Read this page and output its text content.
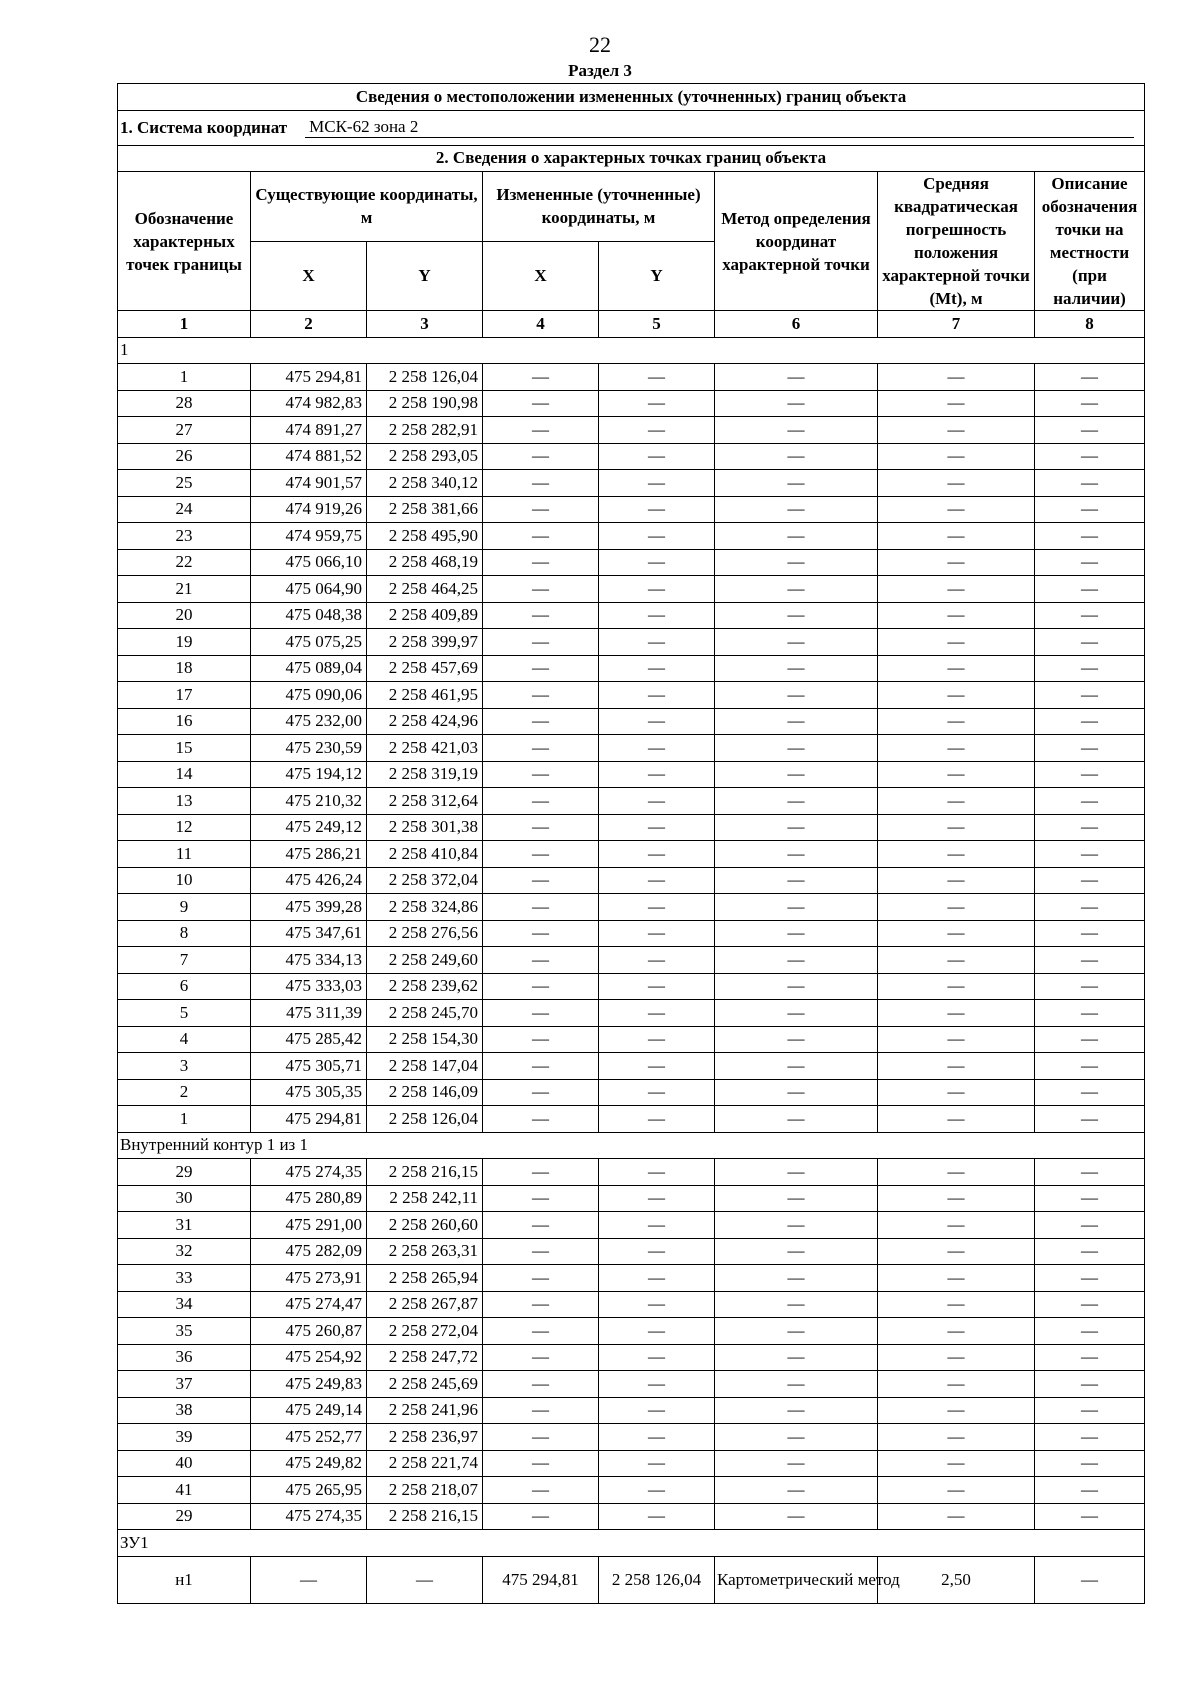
22
Раздел 3
Сведения о местоположении измененных (уточненных) границ объекта							

1. Система координат МСК-62 зона 2							

2. Сведения о характерных точках границ объекта							
Обозначение характерных точек границы	Существующие координаты, м		Измененные (уточненные) координаты, м		Метод определения координат характерной точки	Средняя квадратическая погрешность положения характерной точки (Mt), м	Описание обозначения точки на местности (при наличии)
	X	Y	X	Y			
1	2	3	4	5	6	7	8
1							
1	475 294,81	2 258 126,04	—	—	—	—	—
28	474 982,83	2 258 190,98	—	—	—	—	—
27	474 891,27	2 258 282,91	—	—	—	—	—
26	474 881,52	2 258 293,05	—	—	—	—	—
25	474 901,57	2 258 340,12	—	—	—	—	—
24	474 919,26	2 258 381,66	—	—	—	—	—
23	474 959,75	2 258 495,90	—	—	—	—	—
22	475 066,10	2 258 468,19	—	—	—	—	—
21	475 064,90	2 258 464,25	—	—	—	—	—
20	475 048,38	2 258 409,89	—	—	—	—	—
19	475 075,25	2 258 399,97	—	—	—	—	—
18	475 089,04	2 258 457,69	—	—	—	—	—
17	475 090,06	2 258 461,95	—	—	—	—	—
16	475 232,00	2 258 424,96	—	—	—	—	—
15	475 230,59	2 258 421,03	—	—	—	—	—
14	475 194,12	2 258 319,19	—	—	—	—	—
13	475 210,32	2 258 312,64	—	—	—	—	—
12	475 249,12	2 258 301,38	—	—	—	—	—
11	475 286,21	2 258 410,84	—	—	—	—	—
10	475 426,24	2 258 372,04	—	—	—	—	—
9	475 399,28	2 258 324,86	—	—	—	—	—
8	475 347,61	2 258 276,56	—	—	—	—	—
7	475 334,13	2 258 249,60	—	—	—	—	—
6	475 333,03	2 258 239,62	—	—	—	—	—
5	475 311,39	2 258 245,70	—	—	—	—	—
4	475 285,42	2 258 154,30	—	—	—	—	—
3	475 305,71	2 258 147,04	—	—	—	—	—
2	475 305,35	2 258 146,09	—	—	—	—	—
1	475 294,81	2 258 126,04	—	—	—	—	—
Внутренний контур 1 из 1							
29	475 274,35	2 258 216,15	—	—	—	—	—
30	475 280,89	2 258 242,11	—	—	—	—	—
31	475 291,00	2 258 260,60	—	—	—	—	—
32	475 282,09	2 258 263,31	—	—	—	—	—
33	475 273,91	2 258 265,94	—	—	—	—	—
34	475 274,47	2 258 267,87	—	—	—	—	—
35	475 260,87	2 258 272,04	—	—	—	—	—
36	475 254,92	2 258 247,72	—	—	—	—	—
37	475 249,83	2 258 245,69	—	—	—	—	—
38	475 249,14	2 258 241,96	—	—	—	—	—
39	475 252,77	2 258 236,97	—	—	—	—	—
40	475 249,82	2 258 221,74	—	—	—	—	—
41	475 265,95	2 258 218,07	—	—	—	—	—
29	475 274,35	2 258 216,15	—	—	—	—	—
ЗУ1							
н1	—	—	475 294,81	2 258 126,04	Картометрический метод	2,50	—
